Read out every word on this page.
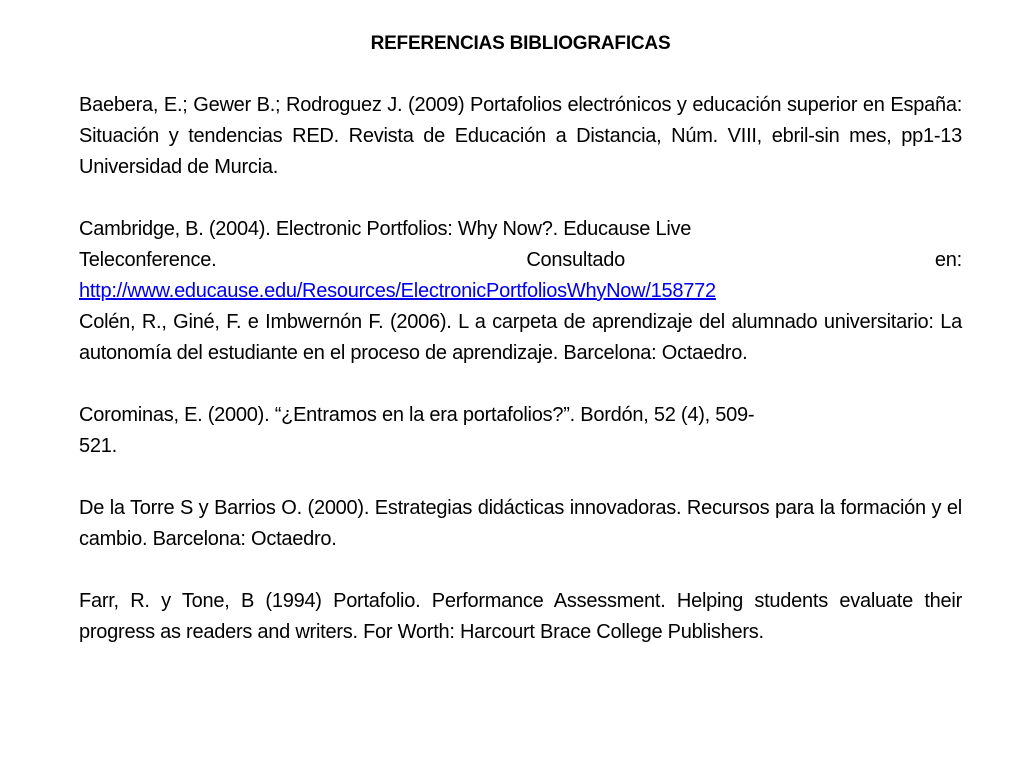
REFERENCIAS BIBLIOGRAFICAS

Baebera, E.; Gewer B.; Rodroguez J. (2009) Portafolios electrónicos y educación superior en España: Situación y tendencias RED. Revista de Educación a Distancia, Núm. VIII, ebril-sin mes, pp1-13 Universidad de Murcia.

Cambridge, B. (2004). Electronic Portfolios: Why Now?. Educause Live
Teleconference.	Consultado	en:
http://www.educause.edu/Resources/ElectronicPortfoliosWhyNow/158772

Colén, R., Giné, F. e Imbwernón F. (2006). L a carpeta de aprendizaje del alumnado universitario: La autonomía del estudiante en el proceso de aprendizaje. Barcelona: Octaedro.

Corominas, E. (2000). “¿Entramos en la era portafolios?”. Bordón, 52 (4), 509-
521.

De la Torre S y Barrios O. (2000). Estrategias didácticas innovadoras. Recursos para la formación y el cambio. Barcelona: Octaedro.

Farr, R. y Tone, B (1994) Portafolio. Performance Assessment. Helping students evaluate their progress as readers and writers. For Worth: Harcourt Brace College Publishers.
